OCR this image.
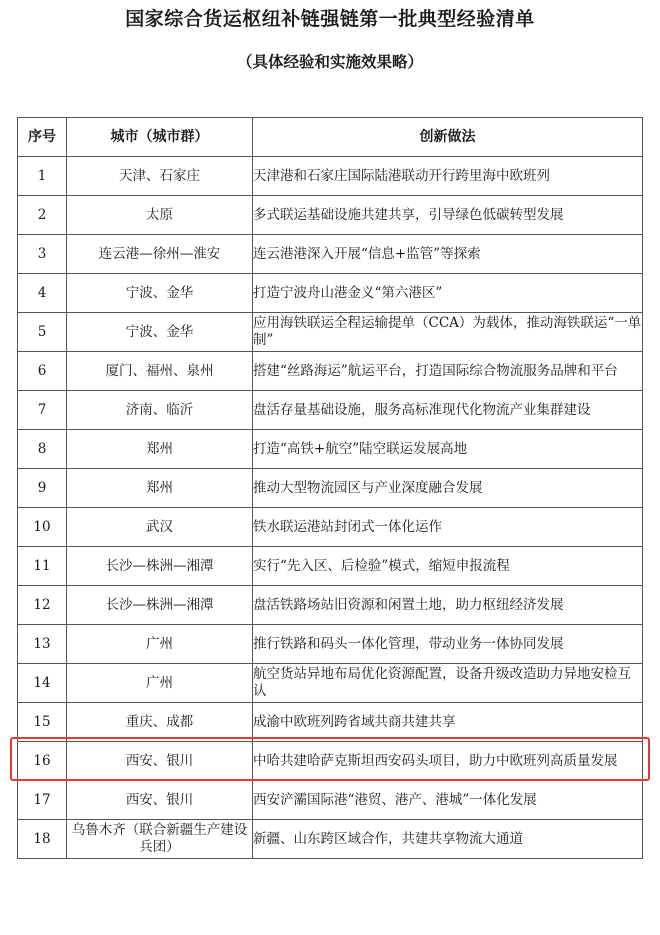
国家综合货运枢纽补链强链第一批典型经验清单
（具体经验和实施效果略）
序号	城市（城市群）	创新做法
1	天津、石家庄	天津港和石家庄国际陆港联动开行跨里海中欧班列
2	太原	多式联运基础设施共建共享，引导绿色低碳转型发展
3	连云港—徐州—淮安	连云港港深入开展“信息+监管”等探索
4	宁波、金华	打造宁波舟山港金义“第六港区”
5	宁波、金华	应用海铁联运全程运输提单（CCA）为载体，推动海铁联运“一单制”
6	厦门、福州、泉州	搭建“丝路海运”航运平台，打造国际综合物流服务品牌和平台
7	济南、临沂	盘活存量基础设施，服务高标准现代化物流产业集群建设
8	郑州	打造“高铁+航空”陆空联运发展高地
9	郑州	推动大型物流园区与产业深度融合发展
10	武汉	铁水联运港站封闭式一体化运作
11	长沙—株洲—湘潭	实行“先入区、后检验”模式，缩短申报流程
12	长沙—株洲—湘潭	盘活铁路场站旧资源和闲置土地，助力枢纽经济发展
13	广州	推行铁路和码头一体化管理，带动业务一体协同发展
14	广州	航空货站异地布局优化资源配置，设备升级改造助力异地安检互认
15	重庆、成都	成渝中欧班列跨省域共商共建共享
16	西安、银川	中哈共建哈萨克斯坦西安码头项目，助力中欧班列高质量发展
17	西安、银川	西安浐灞国际港“港贸、港产、港城”一体化发展
18	乌鲁木齐（联合新疆生产建设兵团）	新疆、山东跨区域合作，共建共享物流大通道
